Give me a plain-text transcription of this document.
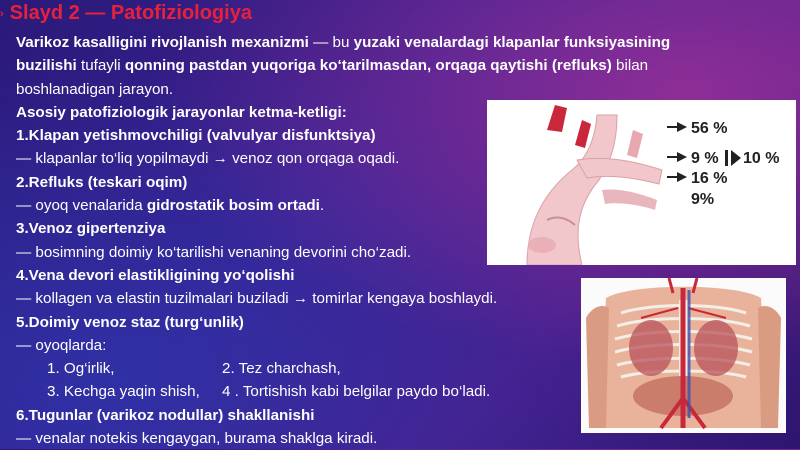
› Slayd 2 — Patofiziologiya

Varikoz kasalligini rivojlanish mexanizmi — bu yuzaki venalardagi klapanlar funksiyasining

buzilishi tufayli qonning pastdan yuqoriga ko‘tarilmasdan, orqaga qaytishi (refluks) bilan

boshlanadigan jarayon.

Asosiy patofiziologik jarayonlar ketma-ketligi:

1.Klapan yetishmovchiligi (valvulyar disfunktsiya)

— klapanlar to‘liq yopilmaydi → venoz qon orqaga oqadi.

2.Refluks (teskari oqim)

— oyoq venalarida gidrostatik bosim ortadi.

3.Venoz gipertenziya

— bosimning doimiy ko‘tarilishi venaning devorini cho‘zadi.

4.Vena devori elastikligining yo‘qolishi

— kollagen va elastin tuzilmalari buziladi → tomirlar kengaya boshlaydi.

5.Doimiy venoz staz (turg‘unlik)

— oyoqlarda:

1. Og‘irlik,	2. Tez charchash,

3. Kechga yaqin shish, 4 . Tortishish kabi belgilar paydo bo‘ladi.

6.Tugunlar (varikoz nodullar) shakllanishi

— venalar notekis kengaygan, burama shaklga kiradi.

56 %
9 % 10 %
16 %
9%
